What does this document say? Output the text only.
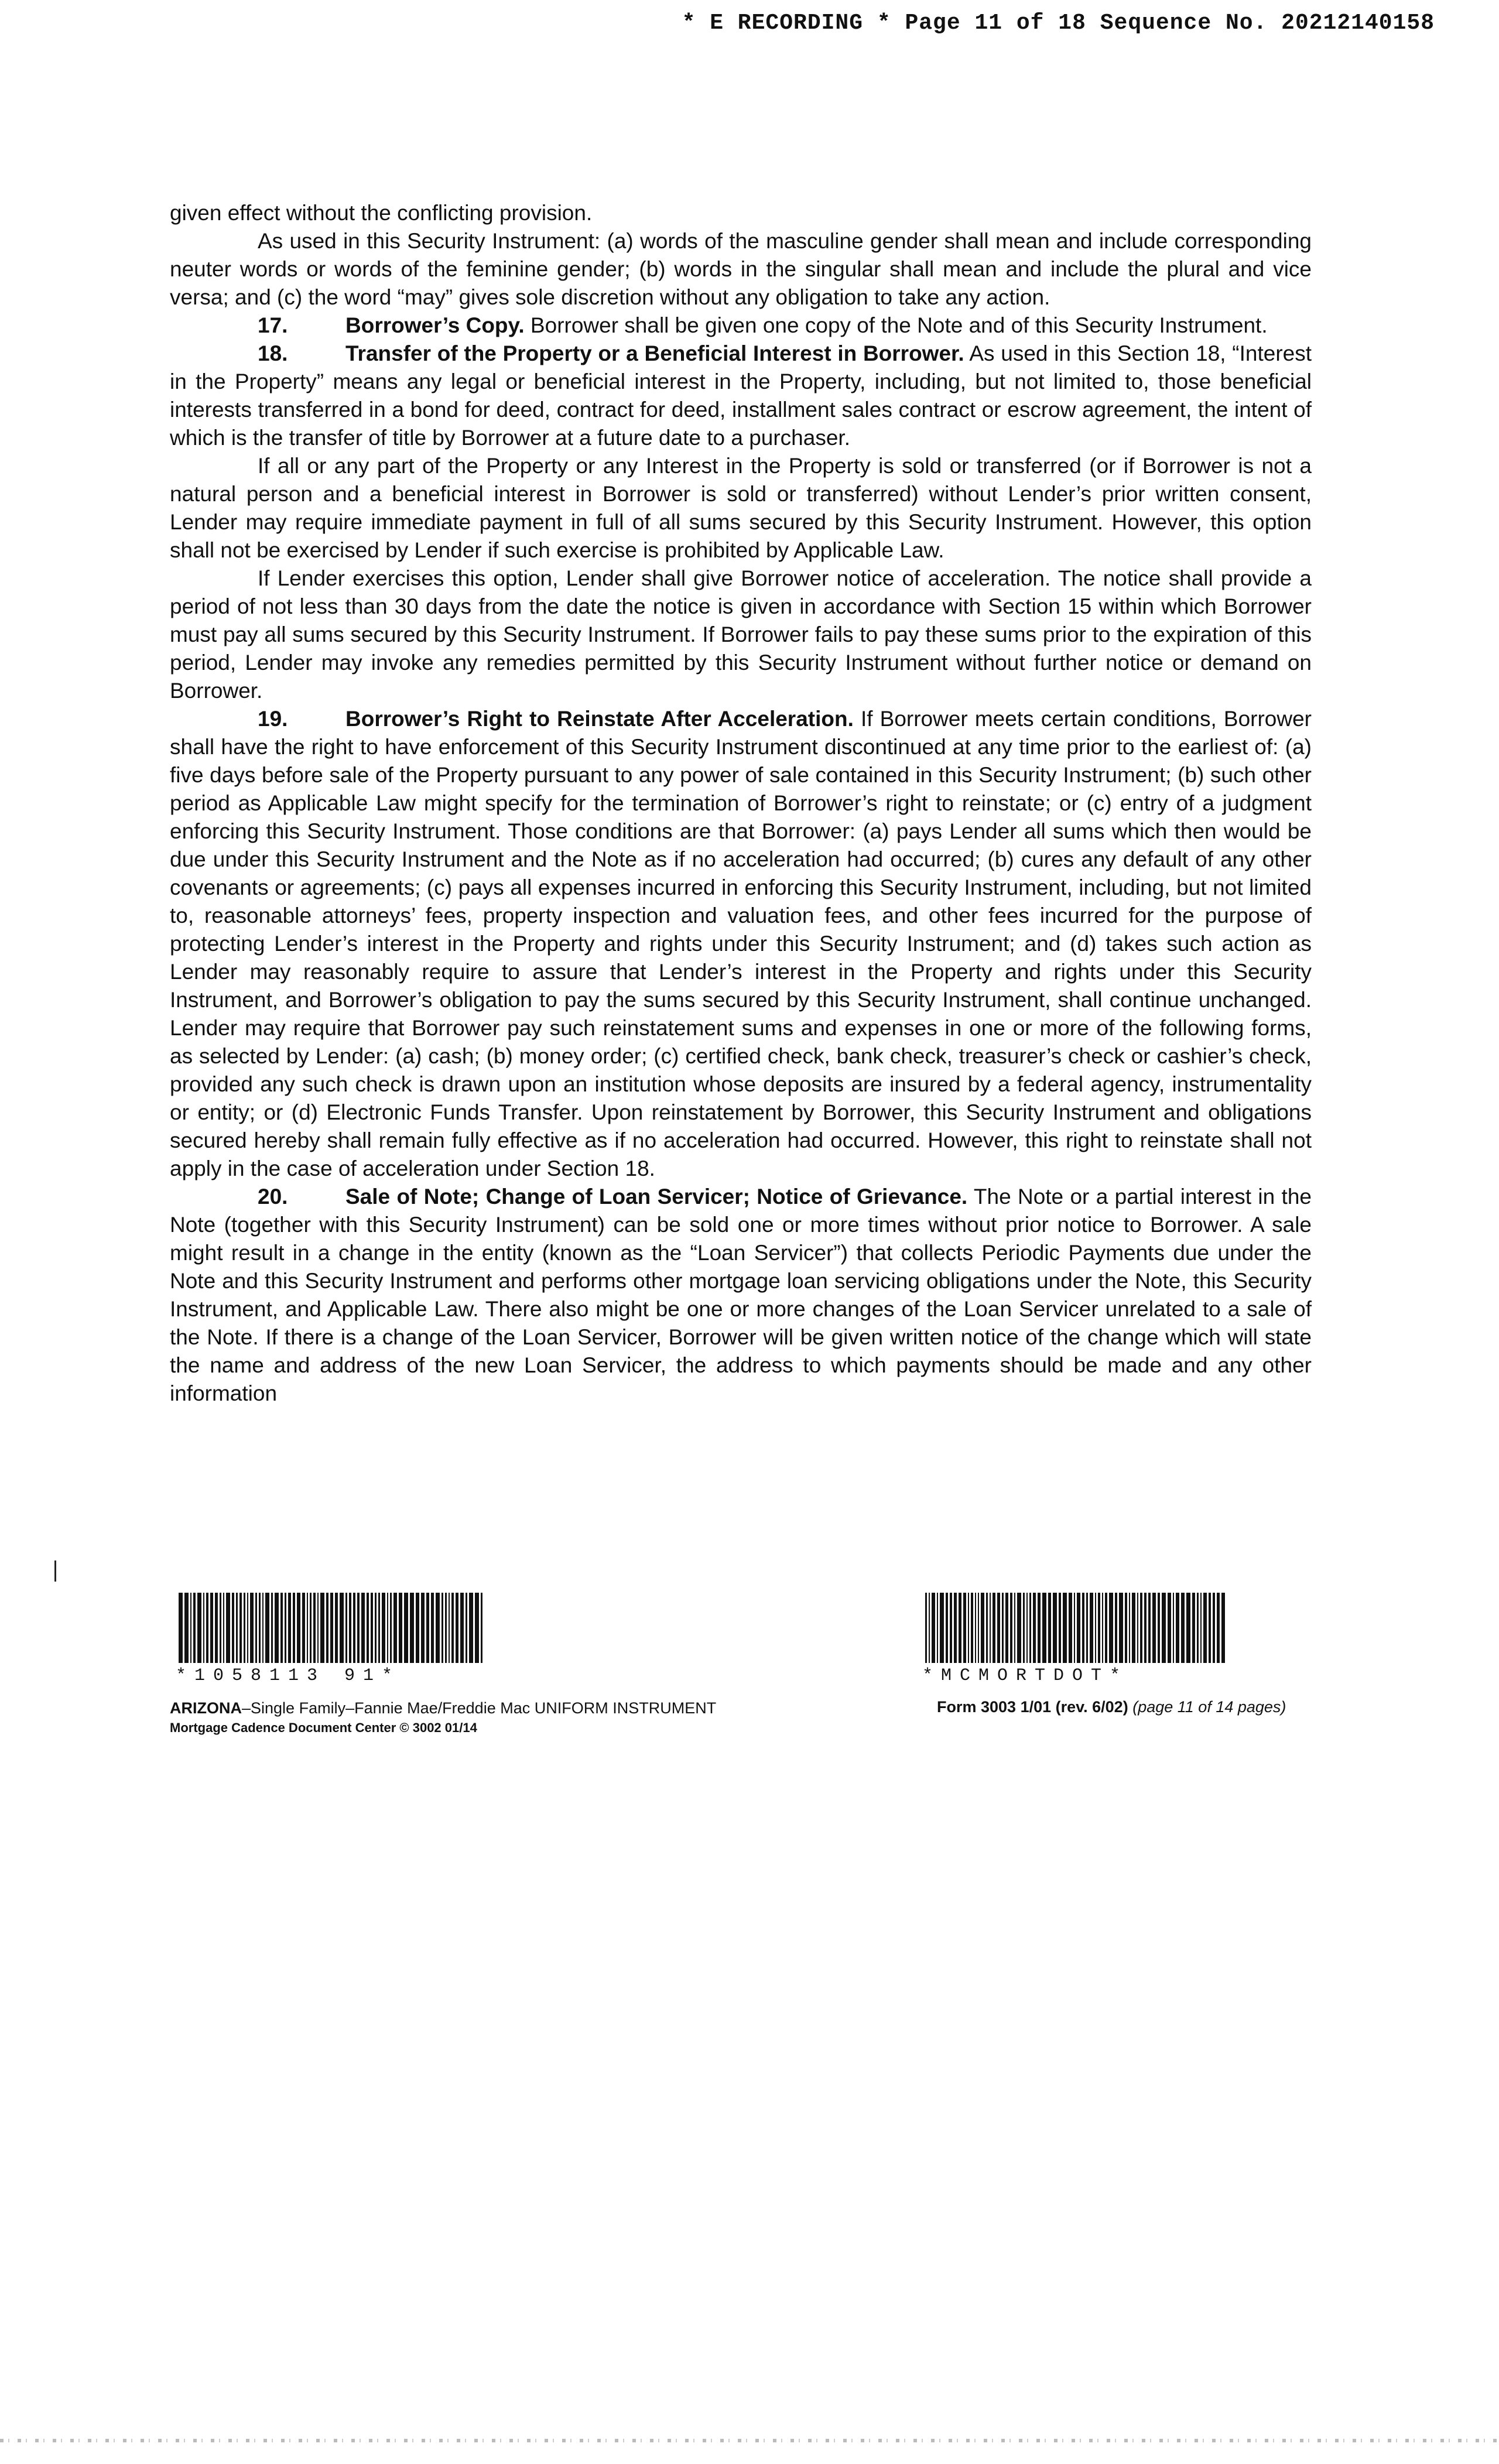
* E RECORDING * Page 11 of 18 Sequence No. 20212140158

given effect without the conflicting provision.

As used in this Security Instrument: (a) words of the masculine gender shall mean and include corresponding neuter words or words of the feminine gender; (b) words in the singular shall mean and include the plural and vice versa; and (c) the word “may” gives sole discretion without any obligation to take any action.

17.	Borrower’s Copy. Borrower shall be given one copy of the Note and of this Security Instrument.

18.	Transfer of the Property or a Beneficial Interest in Borrower. As used in this Section 18, “Interest in the Property” means any legal or beneficial interest in the Property, including, but not limited to, those beneficial interests transferred in a bond for deed, contract for deed, installment sales contract or escrow agreement, the intent of which is the transfer of title by Borrower at a future date to a purchaser.

If all or any part of the Property or any Interest in the Property is sold or transferred (or if Borrower is not a natural person and a beneficial interest in Borrower is sold or transferred) without Lender’s prior written consent, Lender may require immediate payment in full of all sums secured by this Security Instrument. However, this option shall not be exercised by Lender if such exercise is prohibited by Applicable Law.

If Lender exercises this option, Lender shall give Borrower notice of acceleration. The notice shall provide a period of not less than 30 days from the date the notice is given in accordance with Section 15 within which Borrower must pay all sums secured by this Security Instrument. If Borrower fails to pay these sums prior to the expiration of this period, Lender may invoke any remedies permitted by this Security Instrument without further notice or demand on Borrower.

19.	Borrower’s Right to Reinstate After Acceleration. If Borrower meets certain conditions, Borrower shall have the right to have enforcement of this Security Instrument discontinued at any time prior to the earliest of: (a) five days before sale of the Property pursuant to any power of sale contained in this Security Instrument; (b) such other period as Applicable Law might specify for the termination of Borrower’s right to reinstate; or (c) entry of a judgment enforcing this Security Instrument. Those conditions are that Borrower: (a) pays Lender all sums which then would be due under this Security Instrument and the Note as if no acceleration had occurred; (b) cures any default of any other covenants or agreements; (c) pays all expenses incurred in enforcing this Security Instrument, including, but not limited to, reasonable attorneys’ fees, property inspection and valuation fees, and other fees incurred for the purpose of protecting Lender’s interest in the Property and rights under this Security Instrument; and (d) takes such action as Lender may reasonably require to assure that Lender’s interest in the Property and rights under this Security Instrument, and Borrower’s obligation to pay the sums secured by this Security Instrument, shall continue unchanged. Lender may require that Borrower pay such reinstatement sums and expenses in one or more of the following forms, as selected by Lender: (a) cash; (b) money order; (c) certified check, bank check, treasurer’s check or cashier’s check, provided any such check is drawn upon an institution whose deposits are insured by a federal agency, instrumentality or entity; or (d) Electronic Funds Transfer. Upon reinstatement by Borrower, this Security Instrument and obligations secured hereby shall remain fully effective as if no acceleration had occurred. However, this right to reinstate shall not apply in the case of acceleration under Section 18.

20.	Sale of Note; Change of Loan Servicer; Notice of Grievance. The Note or a partial interest in the Note (together with this Security Instrument) can be sold one or more times without prior notice to Borrower. A sale might result in a change in the entity (known as the “Loan Servicer”) that collects Periodic Payments due under the Note and this Security Instrument and performs other mortgage loan servicing obligations under the Note, this Security Instrument, and Applicable Law. There also might be one or more changes of the Loan Servicer unrelated to a sale of the Note. If there is a change of the Loan Servicer, Borrower will be given written notice of the change which will state the name and address of the new Loan Servicer, the address to which payments should be made and any other information

*1058113 91*	*MCMORTDOT*
ARIZONA–Single Family–Fannie Mae/Freddie Mac UNIFORM INSTRUMENT
Mortgage Cadence Document Center © 3002 01/14
Form 3003 1/01 (rev. 6/02) (page 11 of 14 pages)
